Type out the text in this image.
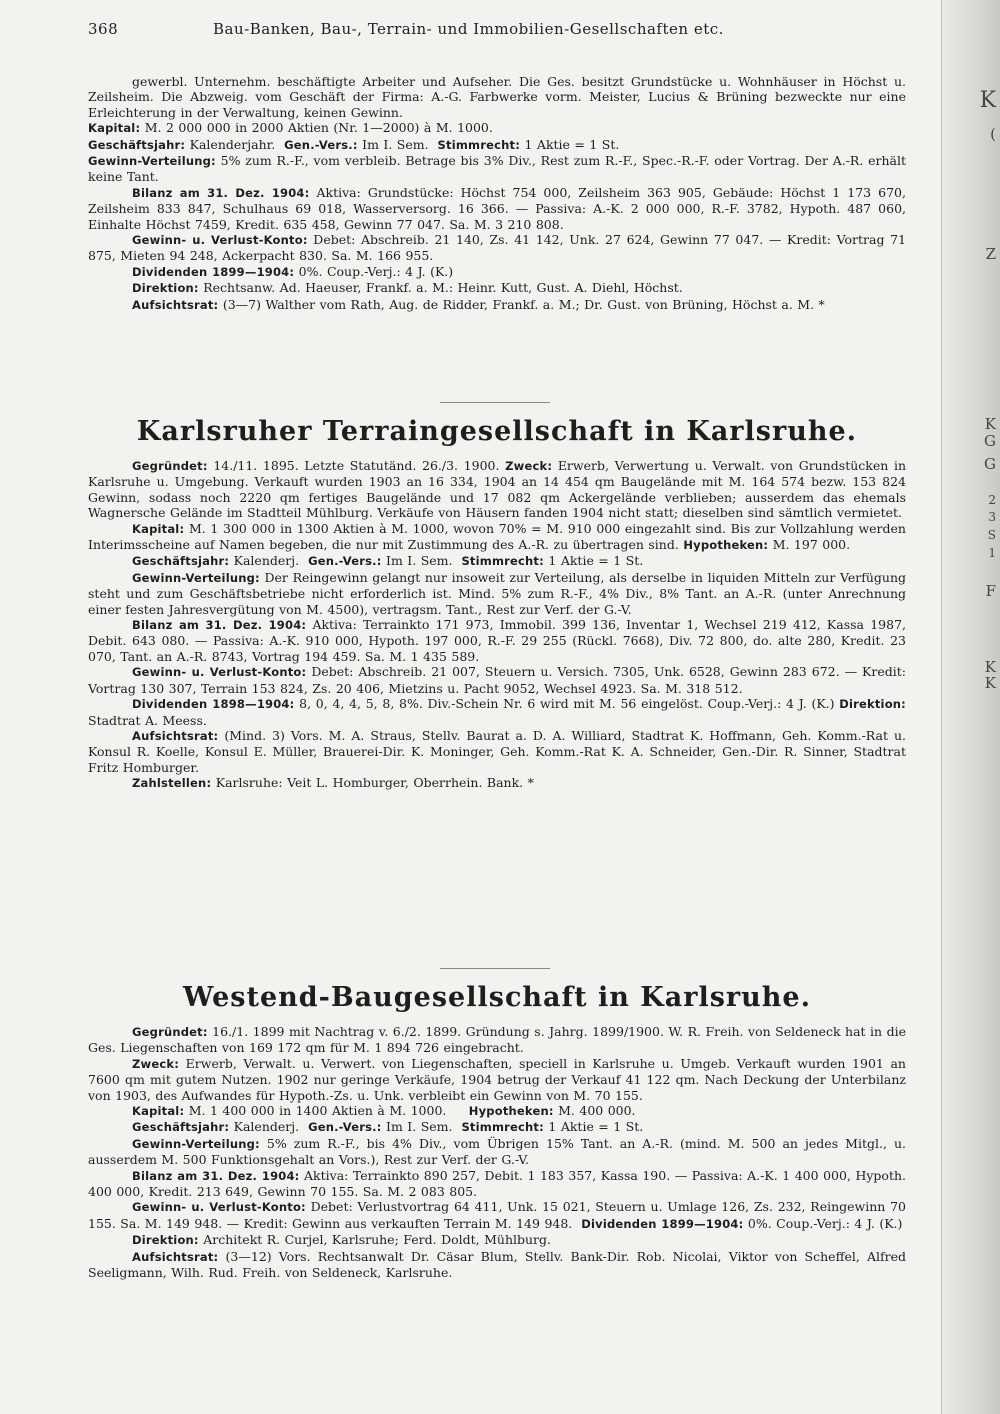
K
(
Z
K
G
G
2
3
S
1
F
K
K
368	Bau-Banken, Bau-, Terrain- und Immobilien-Gesellschaften etc.

gewerbl. Unternehm. beschäftigte Arbeiter und Aufseher. Die Ges. besitzt Grundstücke u. Wohnhäuser in Höchst u. Zeilsheim. Die Abzweig. vom Geschäft der Firma: A.-G. Farbwerke vorm. Meister, Lucius & Brüning bezweckte nur eine Erleichterung in der Verwaltung, keinen Gewinn.

Kapital: M. 2 000 000 in 2000 Aktien (Nr. 1—2000) à M. 1000.

Geschäftsjahr: Kalenderjahr. Gen.-Vers.: Im I. Sem. Stimmrecht: 1 Aktie = 1 St.

Gewinn-Verteilung: 5% zum R.-F., vom verbleib. Betrage bis 3% Div., Rest zum R.-F., Spec.-R.-F. oder Vortrag. Der A.-R. erhält keine Tant.

Bilanz am 31. Dez. 1904: Aktiva: Grundstücke: Höchst 754 000, Zeilsheim 363 905, Gebäude: Höchst 1 173 670, Zeilsheim 833 847, Schulhaus 69 018, Wasserversorg. 16 366. — Passiva: A.-K. 2 000 000, R.-F. 3782, Hypoth. 487 060, Einhalte Höchst 7459, Kredit. 635 458, Gewinn 77 047. Sa. M. 3 210 808.

Gewinn- u. Verlust-Konto: Debet: Abschreib. 21 140, Zs. 41 142, Unk. 27 624, Gewinn 77 047. — Kredit: Vortrag 71 875, Mieten 94 248, Ackerpacht 830. Sa. M. 166 955.

Dividenden 1899—1904: 0%. Coup.-Verj.: 4 J. (K.)

Direktion: Rechtsanw. Ad. Haeuser, Frankf. a. M.: Heinr. Kutt, Gust. A. Diehl, Höchst.

Aufsichtsrat: (3—7) Walther vom Rath, Aug. de Ridder, Frankf. a. M.; Dr. Gust. von Brüning, Höchst a. M. *

Karlsruher Terraingesellschaft in Karlsruhe.

Gegründet: 14./11. 1895. Letzte Statutänd. 26./3. 1900. Zweck: Erwerb, Verwertung u. Verwalt. von Grundstücken in Karlsruhe u. Umgebung. Verkauft wurden 1903 an 16 334, 1904 an 14 454 qm Baugelände mit M. 164 574 bezw. 153 824 Gewinn, sodass noch 2220 qm fertiges Baugelände und 17 082 qm Ackergelände verblieben; ausserdem das ehemals Wagnersche Gelände im Stadtteil Mühlburg. Verkäufe von Häusern fanden 1904 nicht statt; dieselben sind sämtlich vermietet.

Kapital: M. 1 300 000 in 1300 Aktien à M. 1000, wovon 70% = M. 910 000 eingezahlt sind. Bis zur Vollzahlung werden Interimsscheine auf Namen begeben, die nur mit Zustimmung des A.-R. zu übertragen sind. Hypotheken: M. 197 000.

Geschäftsjahr: Kalenderj. Gen.-Vers.: Im I. Sem. Stimmrecht: 1 Aktie = 1 St.

Gewinn-Verteilung: Der Reingewinn gelangt nur insoweit zur Verteilung, als derselbe in liquiden Mitteln zur Verfügung steht und zum Geschäftsbetriebe nicht erforderlich ist. Mind. 5% zum R.-F., 4% Div., 8% Tant. an A.-R. (unter Anrechnung einer festen Jahresvergütung von M. 4500), vertragsm. Tant., Rest zur Verf. der G.-V.

Bilanz am 31. Dez. 1904: Aktiva: Terrainkto 171 973, Immobil. 399 136, Inventar 1, Wechsel 219 412, Kassa 1987, Debit. 643 080. — Passiva: A.-K. 910 000, Hypoth. 197 000, R.-F. 29 255 (Rückl. 7668), Div. 72 800, do. alte 280, Kredit. 23 070, Tant. an A.-R. 8743, Vortrag 194 459. Sa. M. 1 435 589.

Gewinn- u. Verlust-Konto: Debet: Abschreib. 21 007, Steuern u. Versich. 7305, Unk. 6528, Gewinn 283 672. — Kredit: Vortrag 130 307, Terrain 153 824, Zs. 20 406, Mietzins u. Pacht 9052, Wechsel 4923. Sa. M. 318 512.

Dividenden 1898—1904: 8, 0, 4, 4, 5, 8, 8%. Div.-Schein Nr. 6 wird mit M. 56 eingelöst. Coup.-Verj.: 4 J. (K.) Direktion: Stadtrat A. Meess.

Aufsichtsrat: (Mind. 3) Vors. M. A. Straus, Stellv. Baurat a. D. A. Williard, Stadtrat K. Hoffmann, Geh. Komm.-Rat u. Konsul R. Koelle, Konsul E. Müller, Brauerei-Dir. K. Moninger, Geh. Komm.-Rat K. A. Schneider, Gen.-Dir. R. Sinner, Stadtrat Fritz Homburger.

Zahlstellen: Karlsruhe: Veit L. Homburger, Oberrhein. Bank. *

Westend-Baugesellschaft in Karlsruhe.

Gegründet: 16./1. 1899 mit Nachtrag v. 6./2. 1899. Gründung s. Jahrg. 1899/1900. W. R. Freih. von Seldeneck hat in die Ges. Liegenschaften von 169 172 qm für M. 1 894 726 eingebracht.

Zweck: Erwerb, Verwalt. u. Verwert. von Liegenschaften, speciell in Karlsruhe u. Umgeb. Verkauft wurden 1901 an 7600 qm mit gutem Nutzen. 1902 nur geringe Verkäufe, 1904 betrug der Verkauf 41 122 qm. Nach Deckung der Unterbilanz von 1903, des Aufwandes für Hypoth.-Zs. u. Unk. verbleibt ein Gewinn von M. 70 155.

Kapital: M. 1 400 000 in 1400 Aktien à M. 1000. Hypotheken: M. 400 000.

Geschäftsjahr: Kalenderj. Gen.-Vers.: Im I. Sem. Stimmrecht: 1 Aktie = 1 St.

Gewinn-Verteilung: 5% zum R.-F., bis 4% Div., vom Übrigen 15% Tant. an A.-R. (mind. M. 500 an jedes Mitgl., u. ausserdem M. 500 Funktionsgehalt an Vors.), Rest zur Verf. der G.-V.

Bilanz am 31. Dez. 1904: Aktiva: Terrainkto 890 257, Debit. 1 183 357, Kassa 190. — Passiva: A.-K. 1 400 000, Hypoth. 400 000, Kredit. 213 649, Gewinn 70 155. Sa. M. 2 083 805.

Gewinn- u. Verlust-Konto: Debet: Verlustvortrag 64 411, Unk. 15 021, Steuern u. Umlage 126, Zs. 232, Reingewinn 70 155. Sa. M. 149 948. — Kredit: Gewinn aus verkauften Terrain M. 149 948. Dividenden 1899—1904: 0%. Coup.-Verj.: 4 J. (K.)

Direktion: Architekt R. Curjel, Karlsruhe; Ferd. Doldt, Mühlburg.

Aufsichtsrat: (3—12) Vors. Rechtsanwalt Dr. Cäsar Blum, Stellv. Bank-Dir. Rob. Nicolai, Viktor von Scheffel, Alfred Seeligmann, Wilh. Rud. Freih. von Seldeneck, Karlsruhe.
